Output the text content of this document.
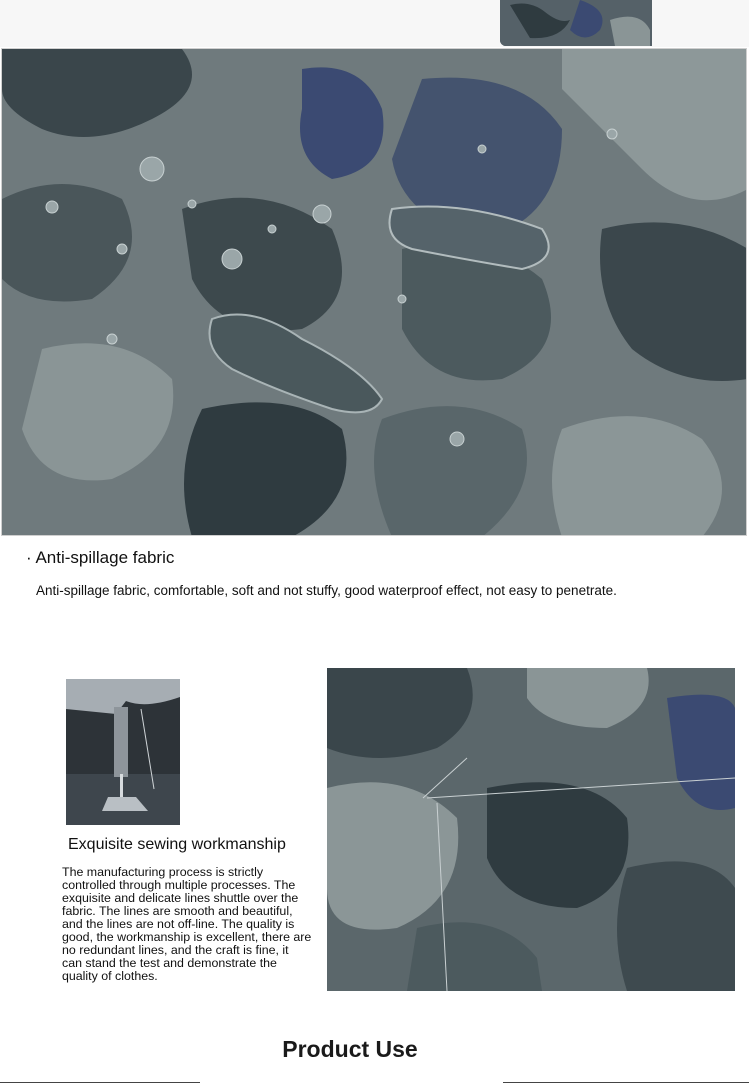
· Anti-spillage fabric
Anti-spillage fabric, comfortable, soft and not stuffy, good waterproof effect, not easy to penetrate.
Exquisite sewing workmanship
The manufacturing process is strictly controlled through multiple processes. The exquisite and delicate lines shuttle over the fabric. The lines are smooth and beautiful, and the lines are not off-line. The quality is good, the workmanship is excellent, there are no redundant lines, and the craft is fine, it can stand the test and demonstrate the quality of clothes.
Product Use
